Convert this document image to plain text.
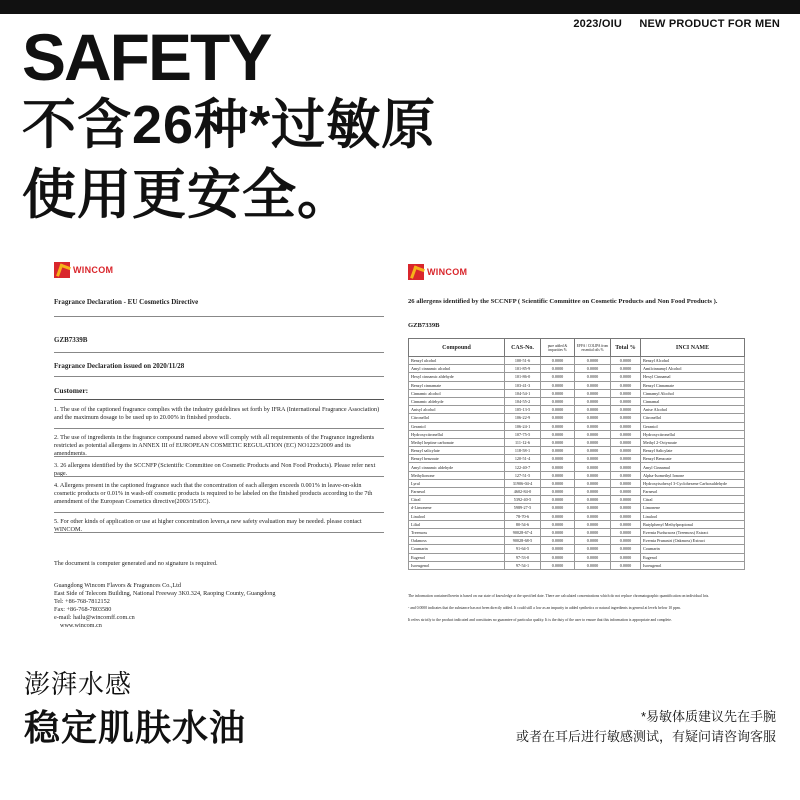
2023/OIU NEW PRODUCT FOR MEN
SAFETY
不含26种*过敏原
使用更安全。
WINCOM
Fragrance Declaration - EU Cosmetics Directive
GZB7339B
Fragrance Declaration issued on 2020/11/28
Customer:
1. The use of the captioned fragrance complies with the industry guidelines set forth by IFRA (International Fragrance Association) and the maximum dosage to be used up to 20.00% in finished products.
2. The use of ingredients in the fragrance compound named above will comply with all requirements of the Fragrance ingredients restricted as potential allergens in ANNEX III of EUROPEAN COSMETIC REGULATION (EC) NO1223/2009 and its amendments.
3. 26 allergens identified by the SCCNFP (Scientific Committee on Cosmetic Products and Non Food Products). Please refer next page.
4. Allergens present in the captioned fragrance such that the concentration of each allergen exceeds 0.001% in leave-on-skin cosmetic products or 0.01% in wash-off cosmetic products is required to be labeled on the finished products according to the 7th amendment of the European Cosmetics directive(2003/15/EC).
5. For other kinds of application or use at higher concentration levers,a new safety evaluation may be needed. please contact WINCOM.
The document is computer generated and no signature is required.
Guangdong Wincom Flavors & Fragrances Co.,Ltd
East Side of Telecom Building, National Freeway 3K0.324, Raoping County, Guangdong
Tel: +86-768-7812152
Fax: +86-768-7803580
e-mail: hailu@wincomff.com.cn
www.wincom.cn
WINCOM
26 allergens identified by the SCCNFP ( Scientific Committee on Cosmetic Products and Non Food Products ).
GZB7339B
Compound	CAS-No.	pure added & impurities %	EFFA / COLIPA from essential oils %	Total %	INCI NAME
Benzyl alcohol	100-51-6	0.0000	0.0000	0.0000	Benzyl Alcohol
Amyl cinnamic alcohol	101-85-9	0.0000	0.0000	0.0000	Amilcinnamyl Alcohol
Hexyl cinnamic aldehyde	101-86-0	0.0000	0.0000	0.0000	Hexyl Cinnamal
Benzyl cinnamate	103-41-3	0.0000	0.0000	0.0000	Benzyl Cinnamate
Cinnamic alcohol	104-54-1	0.0000	0.0000	0.0000	Cinnamyl Alcohol
Cinnamic aldehyde	104-55-2	0.0000	0.0000	0.0000	Cinnamal
Anisyl alcohol	105-13-5	0.0000	0.0000	0.0000	Anise Alcohol
Citronellol	106-22-9	0.0000	0.0000	0.0000	Citronellol
Geraniol	106-24-1	0.0000	0.0000	0.0000	Geraniol
Hydroxycitronellal	107-75-5	0.0000	0.0000	0.0000	Hydroxycitronellal
Methyl heptine carbonate	111-12-6	0.0000	0.0000	0.0000	Methyl 2-Octynoate
Benzyl salicylate	118-58-1	0.0000	0.0000	0.0000	Benzyl Salicylate
Benzyl benzoate	120-51-4	0.0000	0.0000	0.0000	Benzyl Benzoate
Amyl cinnamic aldehyde	122-40-7	0.0000	0.0000	0.0000	Amyl Cinnamal
Methylionone	127-51-5	0.0000	0.0000	0.0000	Alpha-Isomethyl Ionone
Lyral	31906-04-4	0.0000	0.0000	0.0000	Hydroxyisohexyl 3-Cyclohexene Carboxaldehyde
Farnesol	4602-84-0	0.0000	0.0000	0.0000	Farnesol
Citral	5392-40-5	0.0000	0.0000	0.0000	Citral
d-Limonene	5989-27-5	0.0000	0.0000	0.0000	Limonene
Linalool	78-70-6	0.0000	0.0000	0.0000	Linalool
Lilial	80-54-6	0.0000	0.0000	0.0000	Butylphenyl Methylpropional
Treemoss	90028-67-4	0.0000	0.0000	0.0000	Evernia Furfuracea (Treemoss) Extract
Oakmoss	90028-68-5	0.0000	0.0000	0.0000	Evernia Prunastri (Oakmoss) Extract
Coumarin	91-64-5	0.0000	0.0000	0.0000	Coumarin
Eugenol	97-53-0	0.0000	0.0000	0.0000	Eugenol
Isoeugenol	97-54-1	0.0000	0.0000	0.0000	Isoeugenol
The information contained herein is based on our state of knowledge at the specified date. There are calculated concentrations which do not replace chromatographic quantification on individual lots.
- and 0.0000 indicates that the substance has not been directly added. It could still a low as an impurity in added synthetics or natural ingredients in general at levels below 10 ppm.
It refers strictly to the product indicated and constitutes no guarantee of particular quality. It is the duty of the user to ensure that this information is appropriate and complete.
澎湃水感
稳定肌肤水油	*易敏体质建议先在手腕
或者在耳后进行敏感测试，有疑问请咨询客服
